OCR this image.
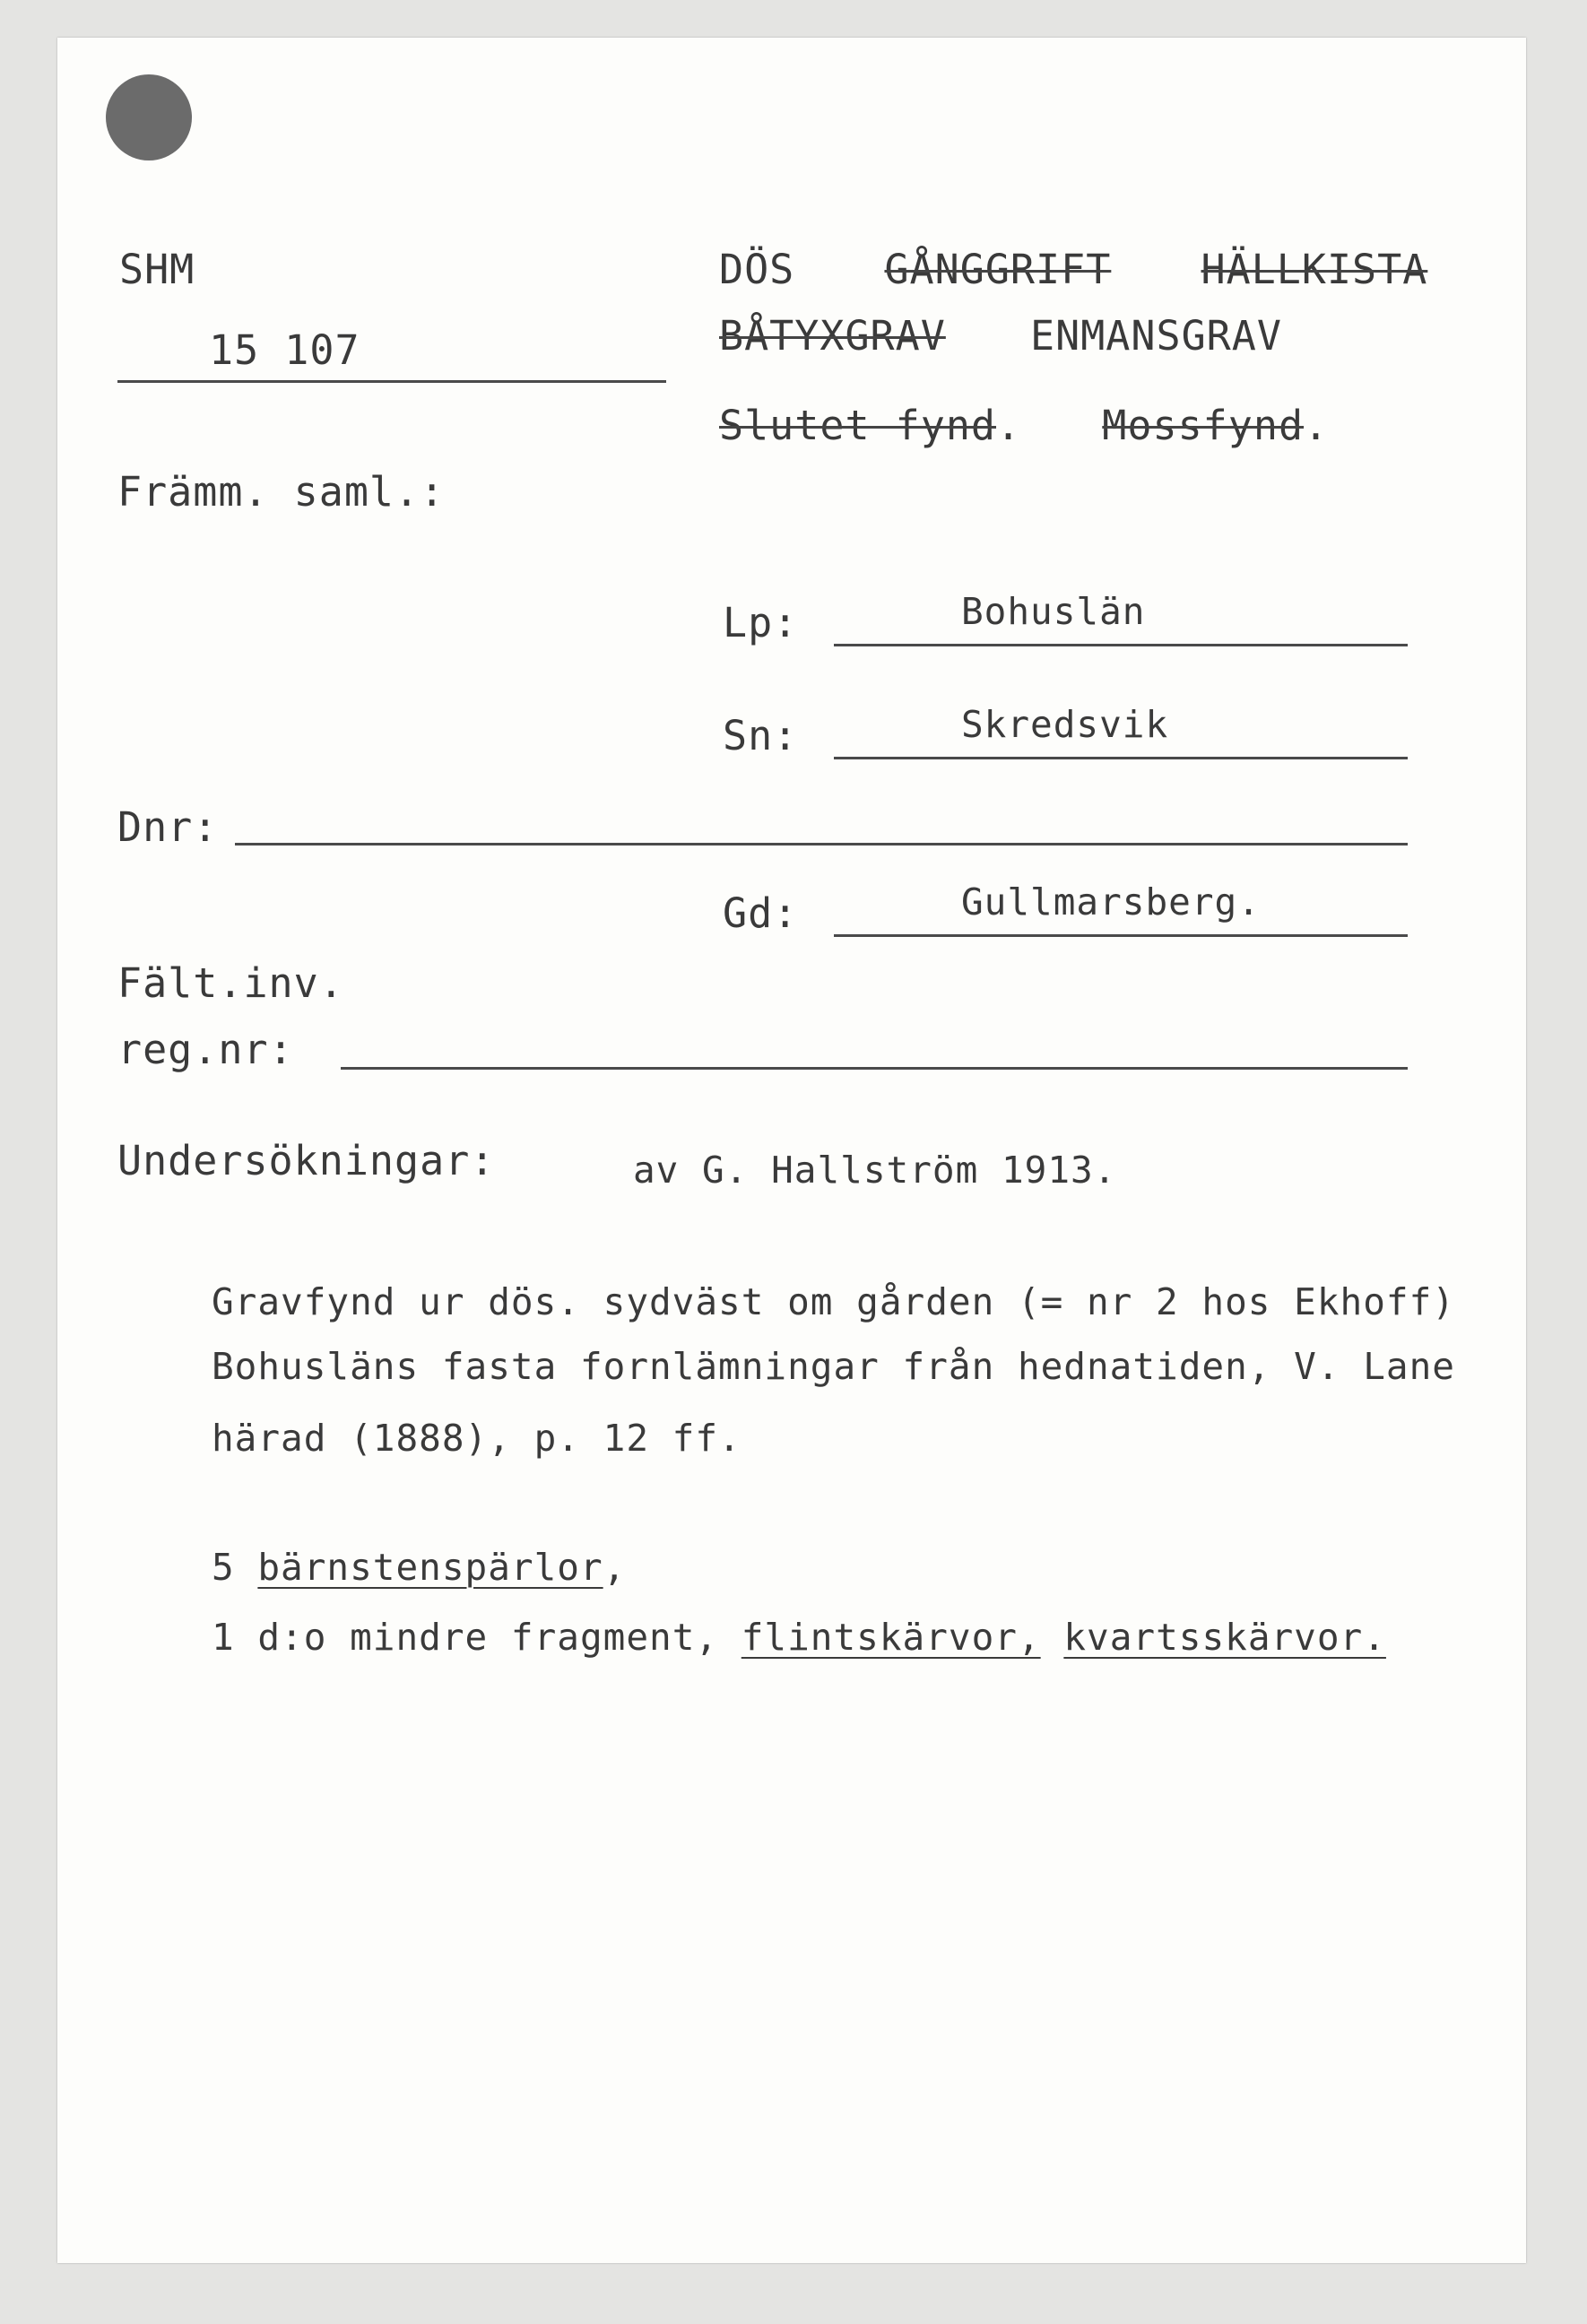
SHM
15 107
DÖS GÅNGGRIFT HÄLLKISTA
BÅTYXGRAV ENMANSGRAV
Slutet fynd. Mossfynd.
Främm. saml.:
Lp:	Bohuslän
Sn:	Skredsvik
Dnr:
Gd:	Gullmarsberg.
Fält.inv.
reg.nr:
Undersökningar:	av G. Hallström 1913.
Gravfynd ur dös. sydväst om gården (= nr 2 hos Ekhoff)
Bohusläns fasta fornlämningar från hednatiden, V. Lane
härad (1888), p. 12 ff.
5 bärnstenspärlor,
1 d:o mindre fragment, flintskärvor, kvartsskärvor.
